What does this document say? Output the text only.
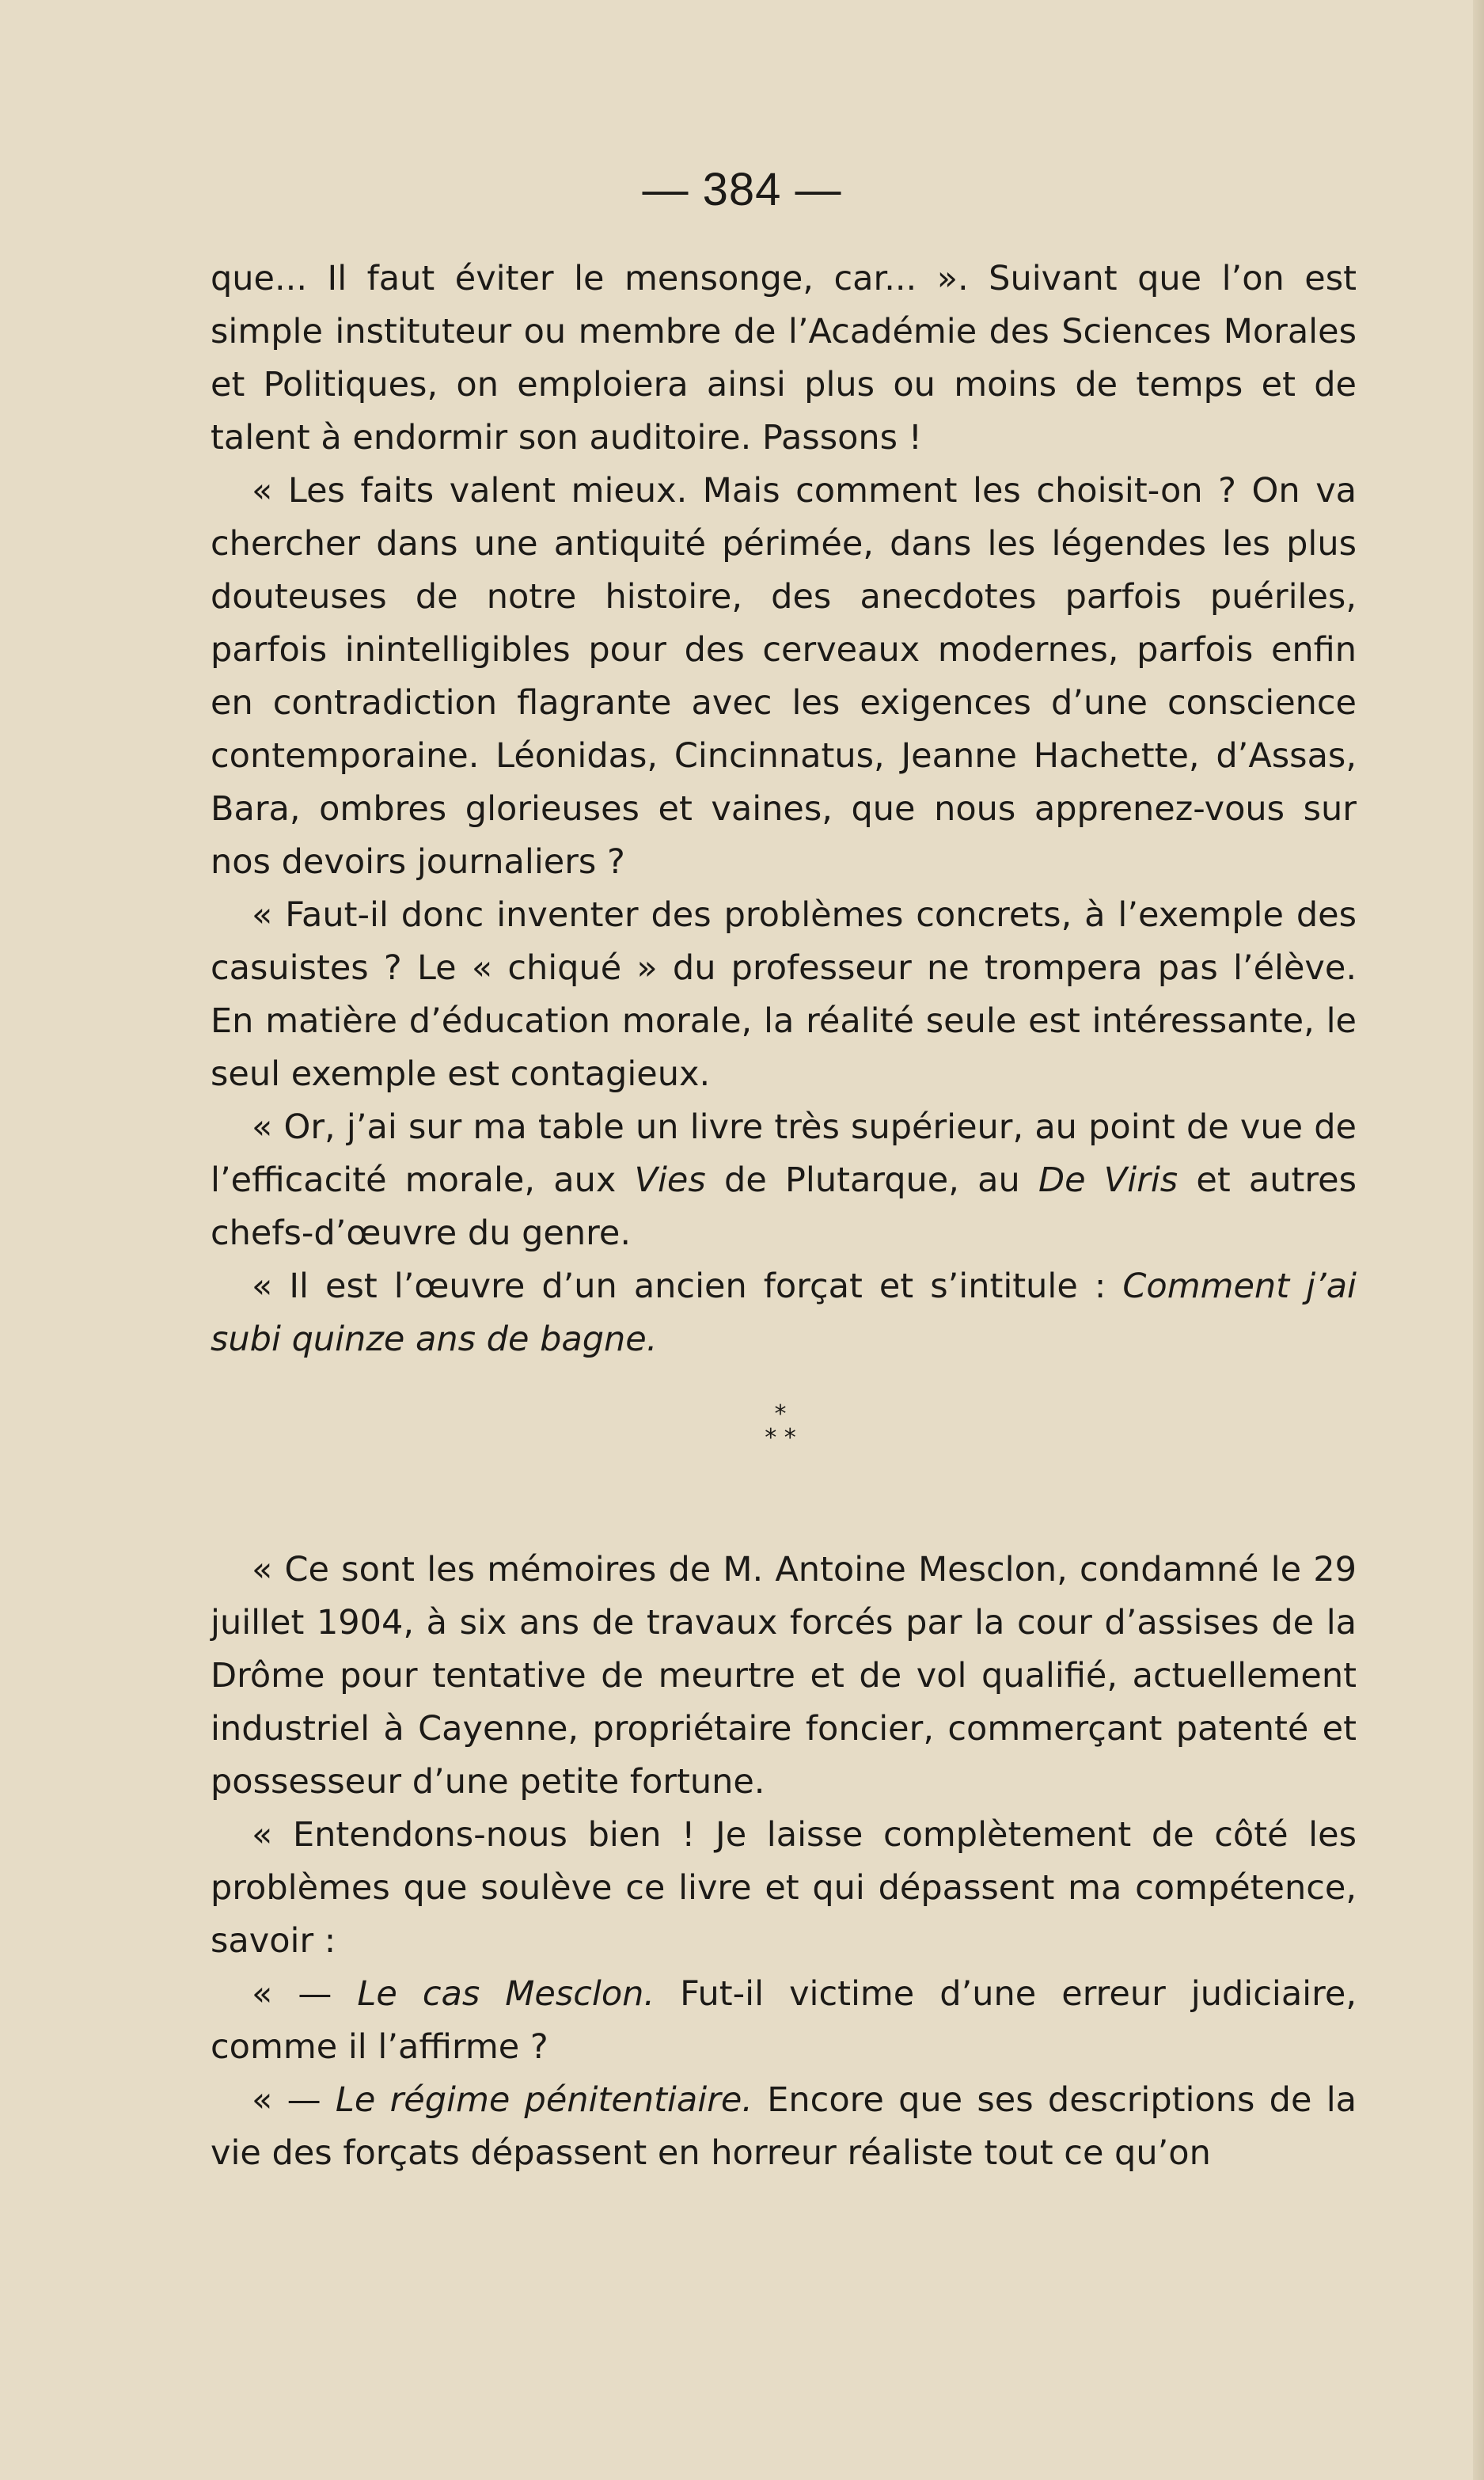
— 384 —

que... Il faut éviter le mensonge, car... ». Suivant que l’on est simple instituteur ou membre de l’Académie des Sciences Morales et Politiques, on emploiera ainsi plus ou moins de temps et de talent à endormir son auditoire. Passons !

« Les faits valent mieux. Mais comment les choisit-on ? On va chercher dans une antiquité périmée, dans les légendes les plus douteuses de notre histoire, des anecdotes parfois puériles, parfois inintelligibles pour des cerveaux modernes, parfois enfin en contradiction flagrante avec les exigences d’une conscience contemporaine. Léonidas, Cincinnatus, Jeanne Hachette, d’Assas, Bara, ombres glorieuses et vaines, que nous apprenez-vous sur nos devoirs journaliers ?

« Faut-il donc inventer des problèmes concrets, à l’exemple des casuistes ? Le « chiqué » du professeur ne trompera pas l’élève. En matière d’éducation morale, la réalité seule est intéressante, le seul exemple est contagieux.

« Or, j’ai sur ma table un livre très supérieur, au point de vue de l’efficacité morale, aux Vies de Plutarque, au De Viris et autres chefs-d’œuvre du genre.

« Il est l’œuvre d’un ancien forçat et s’intitule : Comment j’ai subi quinze ans de bagne.

*
* *

« Ce sont les mémoires de M. Antoine Mesclon, condamné le 29 juillet 1904, à six ans de travaux forcés par la cour d’assises de la Drôme pour tentative de meurtre et de vol qualifié, actuellement industriel à Cayenne, propriétaire foncier, commerçant patenté et possesseur d’une petite fortune.

« Entendons-nous bien ! Je laisse complètement de côté les problèmes que soulève ce livre et qui dépassent ma compétence, savoir :

« — Le cas Mesclon. Fut-il victime d’une erreur judiciaire, comme il l’affirme ?

« — Le régime pénitentiaire. Encore que ses descriptions de la vie des forçats dépassent en horreur réaliste tout ce qu’on
